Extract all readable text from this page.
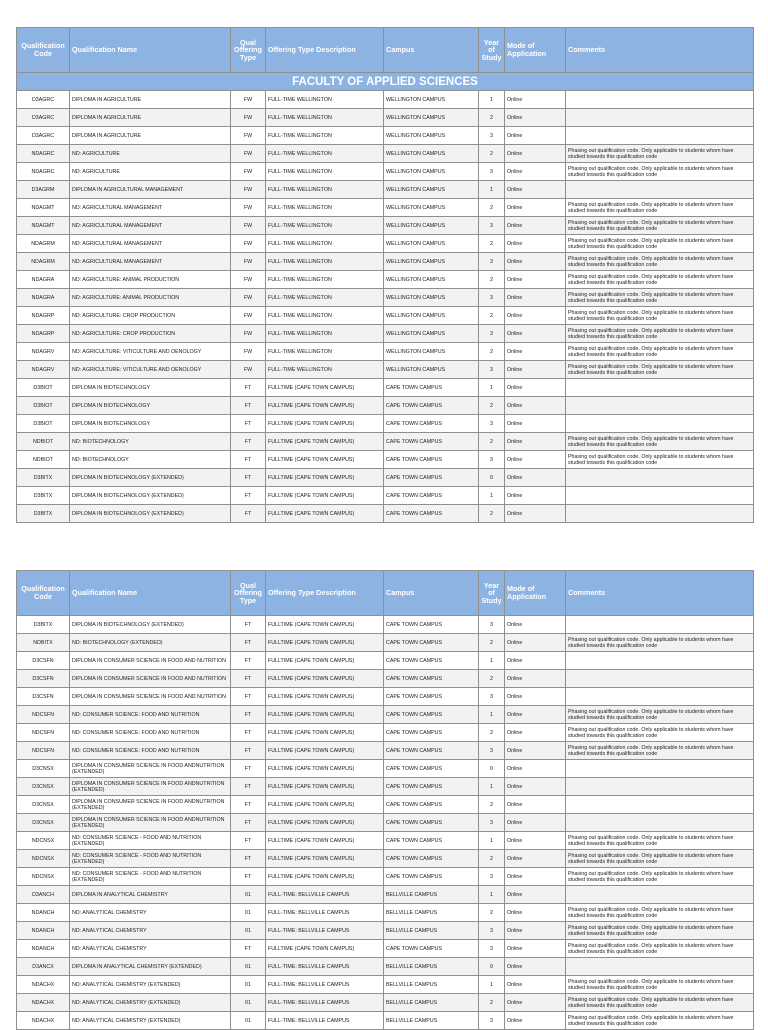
Qualification Code	Qualification Name	Qual Offering Type	Offering Type Description	Campus	Year of Study	Mode of Application	Comments
FACULTY OF APPLIED SCIENCES							
D3AGRC	DIPLOMA IN AGRICULTURE	FW	FULL-TIME WELLINGTON	WELLINGTON CAMPUS	1	Online	
D3AGRC	DIPLOMA IN AGRICULTURE	FW	FULL-TIME WELLINGTON	WELLINGTON CAMPUS	2	Online	
D3AGRC	DIPLOMA IN AGRICULTURE	FW	FULL-TIME WELLINGTON	WELLINGTON CAMPUS	3	Online	
NDAGRC	ND: AGRICULTURE	FW	FULL-TIME WELLINGTON	WELLINGTON CAMPUS	2	Online	Phasing out qualification code. Only applicable to students whom have studied towards this qualification code
NDAGRC	ND: AGRICULTURE	FW	FULL-TIME WELLINGTON	WELLINGTON CAMPUS	3	Online	Phasing out qualification code. Only applicable to students whom have studied towards this qualification code
D3AGRM	DIPLOMA IN AGRICULTURAL MANAGEMENT	FW	FULL-TIME WELLINGTON	WELLINGTON CAMPUS	1	Online	
NDAGMT	ND: AGRICULTURAL MANAGEMENT	FW	FULL-TIME WELLINGTON	WELLINGTON CAMPUS	2	Online	Phasing out qualification code. Only applicable to students whom have studied towards this qualification code
NDAGMT	ND: AGRICULTURAL MANAGEMENT	FW	FULL-TIME WELLINGTON	WELLINGTON CAMPUS	3	Online	Phasing out qualification code. Only applicable to students whom have studied towards this qualification code
NDAGRM	ND: AGRICULTURAL MANAGEMENT	FW	FULL-TIME WELLINGTON	WELLINGTON CAMPUS	2	Online	Phasing out qualification code. Only applicable to students whom have studied towards this qualification code
NDAGRM	ND: AGRICULTURAL MANAGEMENT	FW	FULL-TIME WELLINGTON	WELLINGTON CAMPUS	3	Online	Phasing out qualification code. Only applicable to students whom have studied towards this qualification code
NDAGRA	ND: AGRICULTURE: ANIMAL PRODUCTION	FW	FULL-TIME WELLINGTON	WELLINGTON CAMPUS	2	Online	Phasing out qualification code. Only applicable to students whom have studied towards this qualification code
NDAGRA	ND: AGRICULTURE: ANIMAL PRODUCTION	FW	FULL-TIME WELLINGTON	WELLINGTON CAMPUS	3	Online	Phasing out qualification code. Only applicable to students whom have studied towards this qualification code
NDAGRP	ND: AGRICULTURE: CROP PRODUCTION	FW	FULL-TIME WELLINGTON	WELLINGTON CAMPUS	2	Online	Phasing out qualification code. Only applicable to students whom have studied towards this qualification code
NDAGRP	ND: AGRICULTURE: CROP PRODUCTION	FW	FULL-TIME WELLINGTON	WELLINGTON CAMPUS	3	Online	Phasing out qualification code. Only applicable to students whom have studied towards this qualification code
NDAGRV	ND: AGRICULTURE: VITICULTURE AND OENOLOGY	FW	FULL-TIME WELLINGTON	WELLINGTON CAMPUS	2	Online	Phasing out qualification code. Only applicable to students whom have studied towards this qualification code
NDAGRV	ND: AGRICULTURE: VITICULTURE AND OENOLOGY	FW	FULL-TIME WELLINGTON	WELLINGTON CAMPUS	3	Online	Phasing out qualification code. Only applicable to students whom have studied towards this qualification code
D3BIOT	DIPLOMA IN BIOTECHNOLOGY	FT	FULLTIME (CAPE TOWN CAMPUS)	CAPE TOWN CAMPUS	1	Online	
D3BIOT	DIPLOMA IN BIOTECHNOLOGY	FT	FULLTIME (CAPE TOWN CAMPUS)	CAPE TOWN CAMPUS	2	Online	
D3BIOT	DIPLOMA IN BIOTECHNOLOGY	FT	FULLTIME (CAPE TOWN CAMPUS)	CAPE TOWN CAMPUS	3	Online	
NDBIOT	ND: BIOTECHNOLOGY	FT	FULLTIME (CAPE TOWN CAMPUS)	CAPE TOWN CAMPUS	2	Online	Phasing out qualification code. Only applicable to students whom have studied towards this qualification code
NDBIOT	ND: BIOTECHNOLOGY	FT	FULLTIME (CAPE TOWN CAMPUS)	CAPE TOWN CAMPUS	3	Online	Phasing out qualification code. Only applicable to students whom have studied towards this qualification code
D3BITX	DIPLOMA IN BIOTECHNOLOGY (EXTENDED)	FT	FULLTIME (CAPE TOWN CAMPUS)	CAPE TOWN CAMPUS	0	Online	
D3BITX	DIPLOMA IN BIOTECHNOLOGY (EXTENDED)	FT	FULLTIME (CAPE TOWN CAMPUS)	CAPE TOWN CAMPUS	1	Online	
D3BITX	DIPLOMA IN BIOTECHNOLOGY (EXTENDED)	FT	FULLTIME (CAPE TOWN CAMPUS)	CAPE TOWN CAMPUS	2	Online	
Qualification Code	Qualification Name	Qual Offering Type	Offering Type Description	Campus	Year of Study	Mode of Application	Comments
D3BITX	DIPLOMA IN BIOTECHNOLOGY (EXTENDED)	FT	FULLTIME (CAPE TOWN CAMPUS)	CAPE TOWN CAMPUS	3	Online	
NDBITX	ND: BIOTECHNOLOGY (EXTENDED)	FT	FULLTIME (CAPE TOWN CAMPUS)	CAPE TOWN CAMPUS	2	Online	Phasing out qualification code. Only applicable to students whom have studied towards this qualification code
D3CSFN	DIPLOMA IN CONSUMER SCIENCE IN FOOD AND NUTRITION	FT	FULLTIME (CAPE TOWN CAMPUS)	CAPE TOWN CAMPUS	1	Online	
D3CSFN	DIPLOMA IN CONSUMER SCIENCE IN FOOD AND NUTRITION	FT	FULLTIME (CAPE TOWN CAMPUS)	CAPE TOWN CAMPUS	2	Online	
D3CSFN	DIPLOMA IN CONSUMER SCIENCE IN FOOD AND NUTRITION	FT	FULLTIME (CAPE TOWN CAMPUS)	CAPE TOWN CAMPUS	3	Online	
NDCSFN	ND: CONSUMER SCIENCE: FOOD AND NUTRITION	FT	FULLTIME (CAPE TOWN CAMPUS)	CAPE TOWN CAMPUS	1	Online	Phasing out qualification code. Only applicable to students whom have studied towards this qualification code
NDCSFN	ND: CONSUMER SCIENCE: FOOD AND NUTRITION	FT	FULLTIME (CAPE TOWN CAMPUS)	CAPE TOWN CAMPUS	2	Online	Phasing out qualification code. Only applicable to students whom have studied towards this qualification code
NDCSFN	ND: CONSUMER SCIENCE: FOOD AND NUTRITION	FT	FULLTIME (CAPE TOWN CAMPUS)	CAPE TOWN CAMPUS	3	Online	Phasing out qualification code. Only applicable to students whom have studied towards this qualification code
D3CNSX	DIPLOMA IN CONSUMER SCIENCE IN FOOD ANDNUTRITION (EXTENDED)	FT	FULLTIME (CAPE TOWN CAMPUS)	CAPE TOWN CAMPUS	0	Online	
D3CNSX	DIPLOMA IN CONSUMER SCIENCE IN FOOD ANDNUTRITION (EXTENDED)	FT	FULLTIME (CAPE TOWN CAMPUS)	CAPE TOWN CAMPUS	1	Online	
D3CNSX	DIPLOMA IN CONSUMER SCIENCE IN FOOD ANDNUTRITION (EXTENDED)	FT	FULLTIME (CAPE TOWN CAMPUS)	CAPE TOWN CAMPUS	2	Online	
D3CNSX	DIPLOMA IN CONSUMER SCIENCE IN FOOD ANDNUTRITION (EXTENDED)	FT	FULLTIME (CAPE TOWN CAMPUS)	CAPE TOWN CAMPUS	3	Online	
NDCNSX	ND: CONSUMER SCIENCE - FOOD AND NUTRITION (EXTENDED)	FT	FULLTIME (CAPE TOWN CAMPUS)	CAPE TOWN CAMPUS	1	Online	Phasing out qualification code. Only applicable to students whom have studied towards this qualification code
NDCNSX	ND: CONSUMER SCIENCE - FOOD AND NUTRITION (EXTENDED)	FT	FULLTIME (CAPE TOWN CAMPUS)	CAPE TOWN CAMPUS	2	Online	Phasing out qualification code. Only applicable to students whom have studied towards this qualification code
NDCNSX	ND: CONSUMER SCIENCE - FOOD AND NUTRITION (EXTENDED)	FT	FULLTIME (CAPE TOWN CAMPUS)	CAPE TOWN CAMPUS	3	Online	Phasing out qualification code. Only applicable to students whom have studied towards this qualification code
D3ANCH	DIPLOMA IN ANALYTICAL CHEMISTRY	01	FULL-TIME: BELLVILLE CAMPUS	BELLVILLE CAMPUS	1	Online	
NDANCH	ND: ANALYTICAL CHEMISTRY	01	FULL-TIME: BELLVILLE CAMPUS	BELLVILLE CAMPUS	2	Online	Phasing out qualification code. Only applicable to students whom have studied towards this qualification code
NDANCH	ND: ANALYTICAL CHEMISTRY	01	FULL-TIME: BELLVILLE CAMPUS	BELLVILLE CAMPUS	3	Online	Phasing out qualification code. Only applicable to students whom have studied towards this qualification code
NDANCH	ND: ANALYTICAL CHEMISTRY	FT	FULLTIME (CAPE TOWN CAMPUS)	CAPE TOWN CAMPUS	3	Online	Phasing out qualification code. Only applicable to students whom have studied towards this qualification code
D3ANCX	DIPLOMA IN ANALYTICAL CHEMISTRY (EXTENDED)	01	FULL-TIME: BELLVILLE CAMPUS	BELLVILLE CAMPUS	0	Online	
NDACHX	ND: ANALYTICAL CHEMISTRY (EXTENDED)	01	FULL-TIME: BELLVILLE CAMPUS	BELLVILLE CAMPUS	1	Online	Phasing out qualification code. Only applicable to students whom have studied towards this qualification code
NDACHX	ND: ANALYTICAL CHEMISTRY (EXTENDED)	01	FULL-TIME: BELLVILLE CAMPUS	BELLVILLE CAMPUS	2	Online	Phasing out qualification code. Only applicable to students whom have studied towards this qualification code
NDACHX	ND: ANALYTICAL CHEMISTRY (EXTENDED)	01	FULL-TIME: BELLVILLE CAMPUS	BELLVILLE CAMPUS	3	Online	Phasing out qualification code. Only applicable to students whom have studied towards this qualification code
